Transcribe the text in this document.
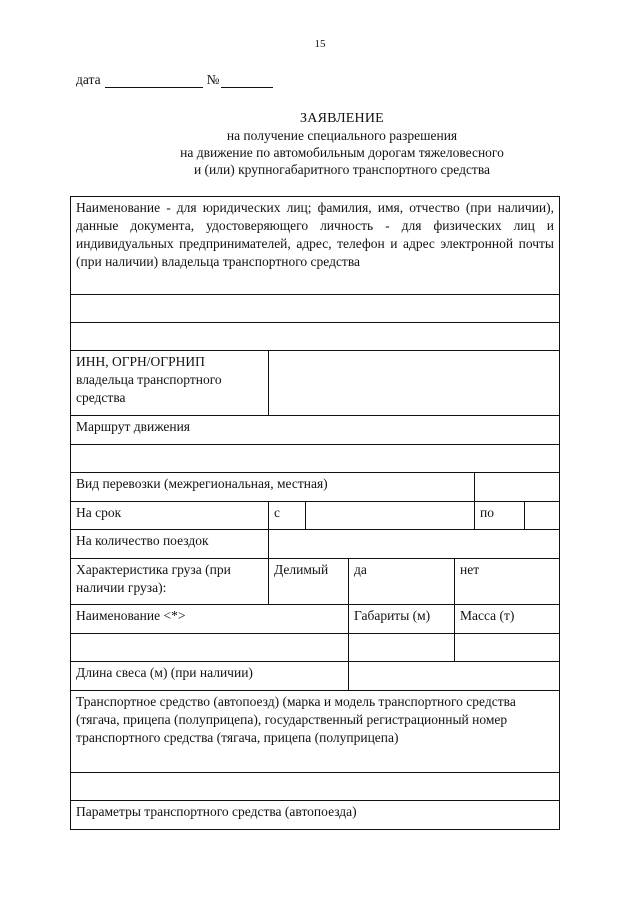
15
дата	№
ЗАЯВЛЕНИЕ
на получение специального разрешения
на движение по автомобильным дорогам тяжеловесного
и (или) крупногабаритного транспортного средства
Наименование - для юридических лиц; фамилия, имя, отчество (при наличии), данные документа, удостоверяющего личность - для физических лиц и индивидуальных предпринимателей, адрес, телефон и адрес электронной почты (при наличии) владельца транспортного средства						

ИНН, ОГРН/ОГРНИП владельца транспортного средства						
Маршрут движения						

Вид перевозки (межрегиональная, местная)						
На срок	с				по	
На количество поездок						
Характеристика груза (при наличии груза):	Делимый		да	нет		
Наименование <*>			Габариты (м)	Масса (т)		

Длина свеса (м) (при наличии)						
Транспортное средство (автопоезд) (марка и модель транспортного средства (тягача, прицепа (полуприцепа), государственный регистрационный номер транспортного средства (тягача, прицепа (полуприцепа)						

Параметры транспортного средства (автопоезда)						
